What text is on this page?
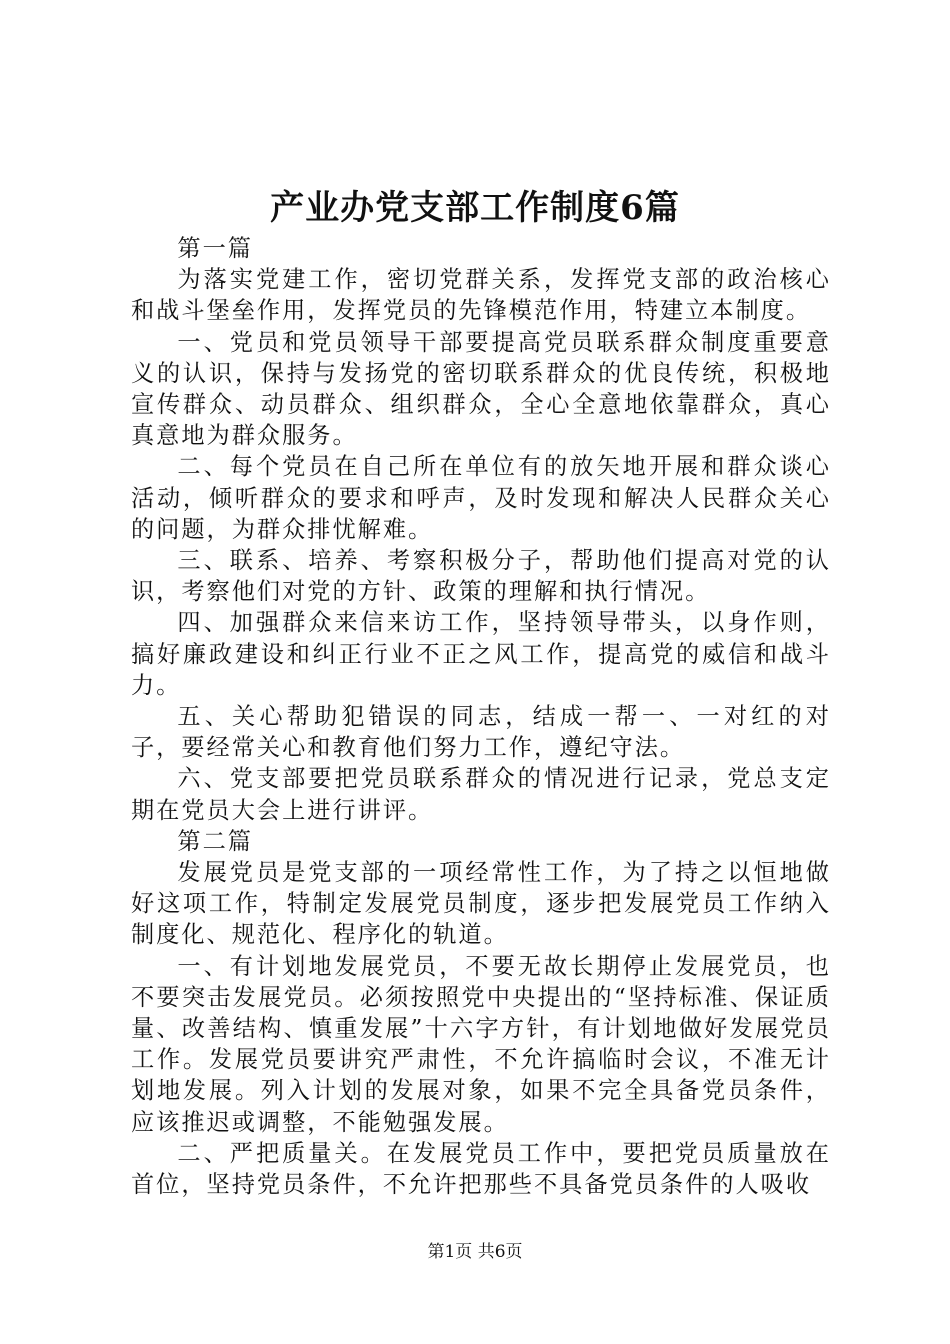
产业办党支部工作制度6篇

第一篇

为落实党建工作，密切党群关系，发挥党支部的政治核心和战斗堡垒作用，发挥党员的先锋模范作用，特建立本制度。

一、党员和党员领导干部要提高党员联系群众制度重要意义的认识，保持与发扬党的密切联系群众的优良传统，积极地宣传群众、动员群众、组织群众，全心全意地依靠群众，真心真意地为群众服务。

二、每个党员在自己所在单位有的放矢地开展和群众谈心活动，倾听群众的要求和呼声，及时发现和解决人民群众关心的问题，为群众排忧解难。

三、联系、培养、考察积极分子，帮助他们提高对党的认识，考察他们对党的方针、政策的理解和执行情况。

四、加强群众来信来访工作，坚持领导带头，以身作则，搞好廉政建设和纠正行业不正之风工作，提高党的威信和战斗力。

五、关心帮助犯错误的同志，结成一帮一、一对红的对子，要经常关心和教育他们努力工作，遵纪守法。

六、党支部要把党员联系群众的情况进行记录，党总支定期在党员大会上进行讲评。

第二篇

发展党员是党支部的一项经常性工作，为了持之以恒地做好这项工作，特制定发展党员制度，逐步把发展党员工作纳入制度化、规范化、程序化的轨道。

一、有计划地发展党员，不要无故长期停止发展党员，也不要突击发展党员。必须按照党中央提出的“坚持标准、保证质量、改善结构、慎重发展”十六字方针，有计划地做好发展党员工作。发展党员要讲究严肃性，不允许搞临时会议，不准无计划地发展。列入计划的发展对象，如果不完全具备党员条件，应该推迟或调整，不能勉强发展。

二、严把质量关。在发展党员工作中，要把党员质量放在首位，坚持党员条件，不允许把那些不具备党员条件的人吸收

第1页 共6页
